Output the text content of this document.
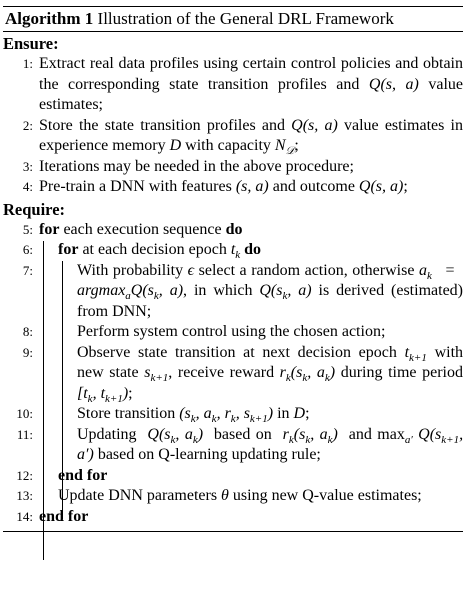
Algorithm 1 Illustration of the General DRL Framework
Ensure:
1: Extract real data profiles using certain control policies and obtain the corresponding state transition profiles and Q(s, a) value estimates;
2: Store the state transition profiles and Q(s, a) value estimates in experience memory D with capacity $N_𝒟$;
3: Iterations may be needed in the above procedure;
4: Pre-train a DNN with features (s, a) and outcome Q(s, a);
Require:
5: for each execution sequence do
6: for at each decision epoch $t_k$ do
7:	With probability ϵ select a random action, otherwise $a_k = argmax_aQ(s_k$, a), in which $Q(s_k$, a) is derived (estimated) from DNN;
8:	Perform system control using the chosen action;
9:	Observe state transition at next decision epoch $t_{k+1}$ with new state $s_{k+1}$, receive reward $r_k(s_k$, $a_k$) during time period [$t_k$, $t_{k+1}$);
10:	Store transition ($s_k$, $a_k$, $r_k$, $s_{k+1}$) in D;
11:	Updating $Q(s_k$, $a_k$) based on $r_k(s_k$, $a_k$) and $\max_{a'} Q(s_{k+1}$, a′) based on Q-learning updating rule;
12: end for
13: Update DNN parameters θ using new Q-value estimates;
14: end for
